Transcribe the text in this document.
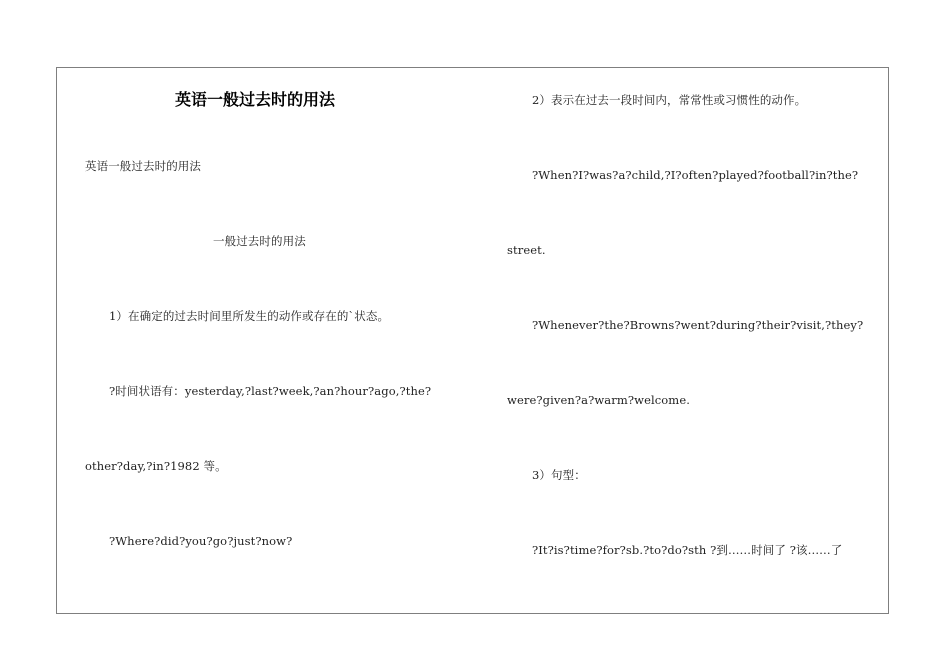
英语一般过去时的用法
英语一般过去时的用法
一般过去时的用法
1）在确定的过去时间里所发生的动作或存在的`状态。
?时间状语有：yesterday,?last?week,?an?hour?ago,?the?
other?day,?in?1982 等。
?Where?did?you?go?just?now?
2）表示在过去一段时间内，常常性或习惯性的动作。
?When?I?was?a?child,?I?often?played?football?in?the?
street.
?Whenever?the?Browns?went?during?their?visit,?they?
were?given?a?warm?welcome.
3）句型：
?It?is?time?for?sb.?to?do?sth ?到……时间了 ?该……了
